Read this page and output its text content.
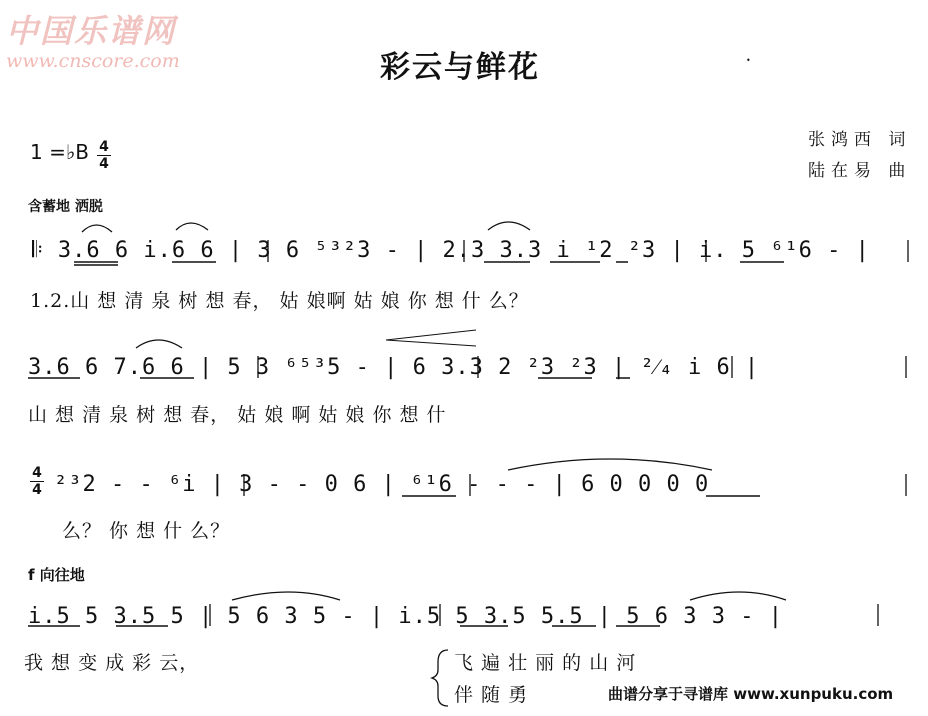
中国乐谱网
www.cnscore.com	彩云与鲜花	•
张鸿西 词
陆在易 曲
1 =♭B 4
4
含蓄地 洒脱
𝄆 3.6 6 i.6 6 | 3 6 ⁵³²3 - | 2.3 3.3 i ¹2 ²3 | i. 5 ⁶¹6 - |
1.2.山 想 清 泉 树 想 春， 姑 娘啊 姑 娘 你 想 什 么？
3.6 6 7.6 6 | 5 3 ⁶⁵³5 - | 6 3.3 2 ²3 ²3 | ²⁄₄ i 6 |
山 想 清 泉 树 想 春， 姑 娘 啊 姑 娘 你 想 什
4
4 ²³2 - - ⁶i | 3 - - 0 6 | ⁶¹6 - - - | 6 0 0 0 0
么？ 你 想 什 么？
f 向往地
i.5 5 3.5 5 | 5 6 3 5 - | i.5 5 3.5 5.5 | 5 6 3 3 - |
我 想 变 成 彩 云，	飞 遍 壮 丽 的 山 河
伴 随 勇	曲谱分享于寻谱库 www.xunpuku.com
